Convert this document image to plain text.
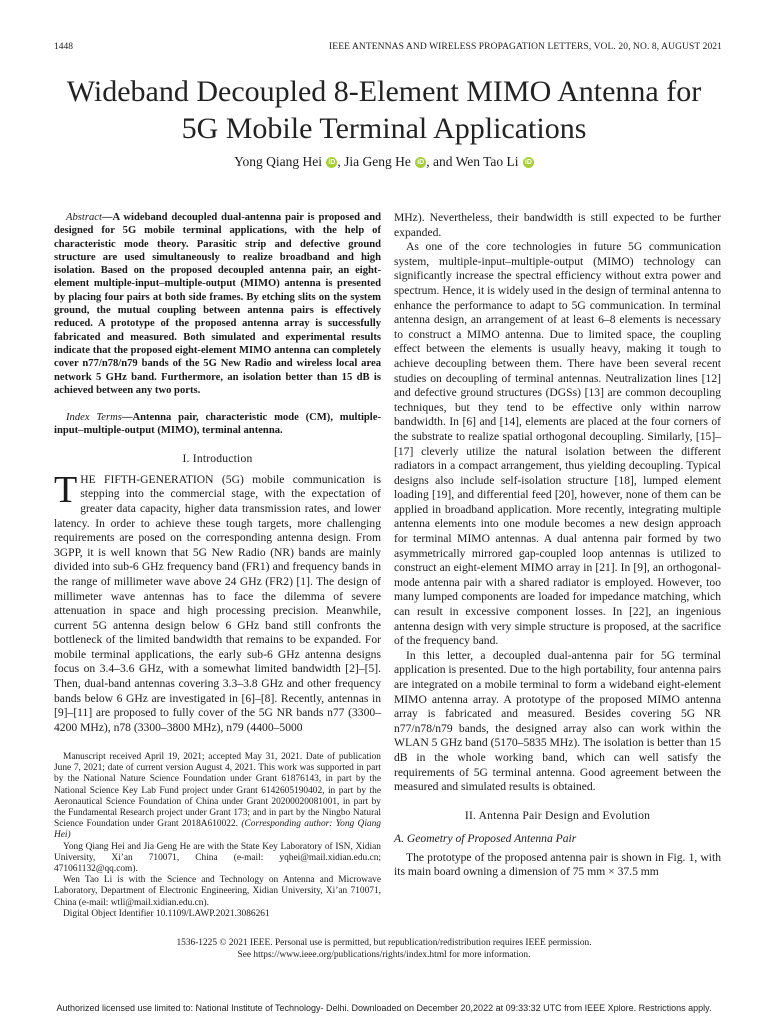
1448	IEEE ANTENNAS AND WIRELESS PROPAGATION LETTERS, VOL. 20, NO. 8, AUGUST 2021
Wideband Decoupled 8-Element MIMO Antenna for
5G Mobile Terminal Applications
Yong Qiang Hei iD , Jia Geng He iD , and Wen Tao Li iD

Abstract—A wideband decoupled dual-antenna pair is proposed and designed for 5G mobile terminal applications, with the help of characteristic mode theory. Parasitic strip and defective ground structure are used simultaneously to realize broadband and high isolation. Based on the proposed decoupled antenna pair, an eight-element multiple-input–multiple-output (MIMO) antenna is presented by placing four pairs at both side frames. By etching slits on the system ground, the mutual coupling between antenna pairs is effectively reduced. A prototype of the proposed antenna array is successfully fabricated and measured. Both simulated and experimental results indicate that the proposed eight-element MIMO antenna can completely cover n77/n78/n79 bands of the 5G New Radio and wireless local area network 5 GHz band. Furthermore, an isolation better than 15 dB is achieved between any two ports.

Index Terms—Antenna pair, characteristic mode (CM), multiple-input–multiple-output (MIMO), terminal antenna.

I. Introduction

THE FIFTH-GENERATION (5G) mobile communication is stepping into the commercial stage, with the expectation of greater data capacity, higher data transmission rates, and lower latency. In order to achieve these tough targets, more challenging requirements are posed on the corresponding antenna design. From 3GPP, it is well known that 5G New Radio (NR) bands are mainly divided into sub-6 GHz frequency band (FR1) and frequency bands in the range of millimeter wave above 24 GHz (FR2) [1]. The design of millimeter wave antennas has to face the dilemma of severe attenuation in space and high processing precision. Meanwhile, current 5G antenna design below 6 GHz band still confronts the bottleneck of the limited bandwidth that remains to be expanded. For mobile terminal applications, the early sub-6 GHz antenna designs focus on 3.4–3.6 GHz, with a somewhat limited bandwidth [2]–[5]. Then, dual-band antennas covering 3.3–3.8 GHz and other frequency bands below 6 GHz are investigated in [6]–[8]. Recently, antennas in [9]–[11] are proposed to fully cover of the 5G NR bands n77 (3300–4200 MHz), n78 (3300–3800 MHz), n79 (4400–5000

Manuscript received April 19, 2021; accepted May 31, 2021. Date of publication June 7, 2021; date of current version August 4, 2021. This work was supported in part by the National Nature Science Foundation under Grant 61876143, in part by the National Science Key Lab Fund project under Grant 6142605190402, in part by the Aeronautical Science Foundation of China under Grant 20200020081001, in part by the Fundamental Research project under Grant 173; and in part by the Ningbo Natural Science Foundation under Grant 2018A610022. (Corresponding author: Yong Qiang Hei)

Yong Qiang Hei and Jia Geng He are with the State Key Laboratory of ISN, Xidian University, Xi’an 710071, China (e-mail: yqhei@mail.xidian.edu.cn; 471061132@qq.com).

Wen Tao Li is with the Science and Technology on Antenna and Microwave Laboratory, Department of Electronic Engineering, Xidian University, Xi’an 710071, China (e-mail: wtli@mail.xidian.edu.cn).

Digital Object Identifier 10.1109/LAWP.2021.3086261

MHz). Nevertheless, their bandwidth is still expected to be further expanded.

As one of the core technologies in future 5G communication system, multiple-input–multiple-output (MIMO) technology can significantly increase the spectral efficiency without extra power and spectrum. Hence, it is widely used in the design of terminal antenna to enhance the performance to adapt to 5G communication. In terminal antenna design, an arrangement of at least 6–8 elements is necessary to construct a MIMO antenna. Due to limited space, the coupling effect between the elements is usually heavy, making it tough to achieve decoupling between them. There have been several recent studies on decoupling of terminal antennas. Neutralization lines [12] and defective ground structures (DGSs) [13] are common decoupling techniques, but they tend to be effective only within narrow bandwidth. In [6] and [14], elements are placed at the four corners of the substrate to realize spatial orthogonal decoupling. Similarly, [15]–[17] cleverly utilize the natural isolation between the different radiators in a compact arrangement, thus yielding decoupling. Typical designs also include self-isolation structure [18], lumped element loading [19], and differential feed [20], however, none of them can be applied in broadband application. More recently, integrating multiple antenna elements into one module becomes a new design approach for terminal MIMO antennas. A dual antenna pair formed by two asymmetrically mirrored gap-coupled loop antennas is utilized to construct an eight-element MIMO array in [21]. In [9], an orthogonal-mode antenna pair with a shared radiator is employed. However, too many lumped components are loaded for impedance matching, which can result in excessive component losses. In [22], an ingenious antenna design with very simple structure is proposed, at the sacrifice of the frequency band.

In this letter, a decoupled dual-antenna pair for 5G terminal application is presented. Due to the high portability, four antenna pairs are integrated on a mobile terminal to form a wideband eight-element MIMO antenna array. A prototype of the proposed MIMO antenna array is fabricated and measured. Besides covering 5G NR n77/n78/n79 bands, the designed array also can work within the WLAN 5 GHz band (5170–5835 MHz). The isolation is better than 15 dB in the whole working band, which can well satisfy the requirements of 5G terminal antenna. Good agreement between the measured and simulated results is obtained.

II. Antenna Pair Design and Evolution
A. Geometry of Proposed Antenna Pair

The prototype of the proposed antenna pair is shown in Fig. 1, with its main board owning a dimension of 75 mm × 37.5 mm

1536-1225 © 2021 IEEE. Personal use is permitted, but republication/redistribution requires IEEE permission.
See https://www.ieee.org/publications/rights/index.html for more information.
Authorized licensed use limited to: National Institute of Technology- Delhi. Downloaded on December 20,2022 at 09:33:32 UTC from IEEE Xplore. Restrictions apply.
